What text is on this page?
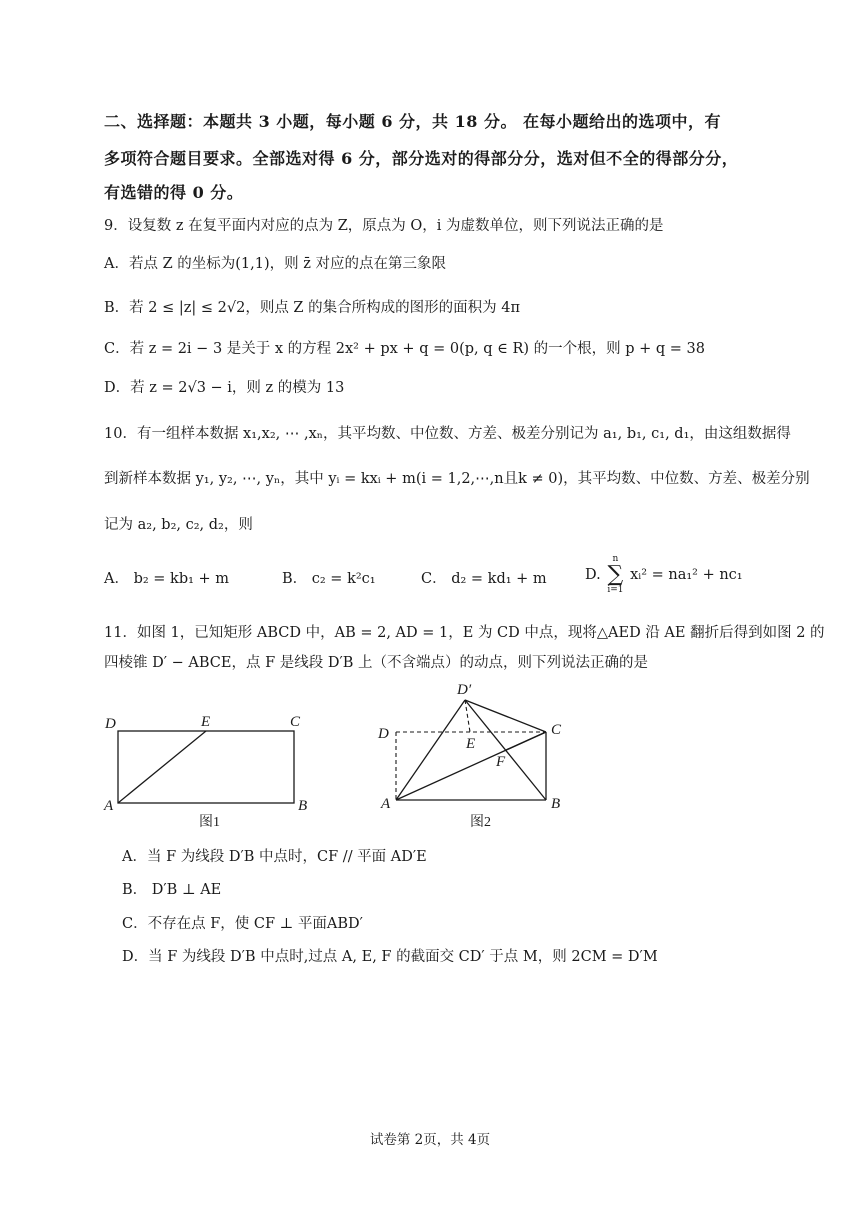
二、选择题：本题共 3 小题，每小题 6 分，共 18 分。 在每小题给出的选项中，有
多项符合题目要求。全部选对得 6 分，部分选对的得部分分，选对但不全的得部分分，
有选错的得 0 分。
9．设复数 z 在复平面内对应的点为 Z，原点为 O，i 为虚数单位，则下列说法正确的是
A．若点 Z 的坐标为(1,1)，则 z̄ 对应的点在第三象限
B．若 2 ≤ |z| ≤ 2√2，则点 Z 的集合所构成的图形的面积为 4π
C．若 z = 2i − 3 是关于 x 的方程 2x² + px + q = 0(p, q ∈ R) 的一个根，则 p + q = 38
D．若 z = 2√3 − i，则 z 的模为 13
10．有一组样本数据 x₁,x₂, ⋯ ,xₙ，其平均数、中位数、方差、极差分别记为 a₁, b₁, c₁, d₁，由这组数据得
到新样本数据 y₁, y₂, ⋯, yₙ，其中 yᵢ = kxᵢ + m(i = 1,2,⋯,n且k ≠ 0)，其平均数、中位数、方差、极差分别
记为 a₂, b₂, c₂, d₂，则
A． b₂ = kb₁ + m	B． c₂ = k²c₁	C． d₂ = kd₁ + m	D.
n
∑
i=1
xᵢ² = na₁² + nc₁
11．如图 1，已知矩形 ABCD 中，AB = 2, AD = 1，E 为 CD 中点，现将△AED 沿 AE 翻折后得到如图 2 的
四棱锥 D′ − ABCE，点 F 是线段 D′B 上（不含端点）的动点，则下列说法正确的是
D	E	C
A	B
图1
D′
D
E
C
F
A	B
图2
A．当 F 为线段 D′B 中点时，CF // 平面 AD′E
B． D′B ⊥ AE
C．不存在点 F，使 CF ⊥ 平面ABD′
D．当 F 为线段 D′B 中点时,过点 A, E, F 的截面交 CD′ 于点 M，则 2CM = D′M
试卷第 2页，共 4页
